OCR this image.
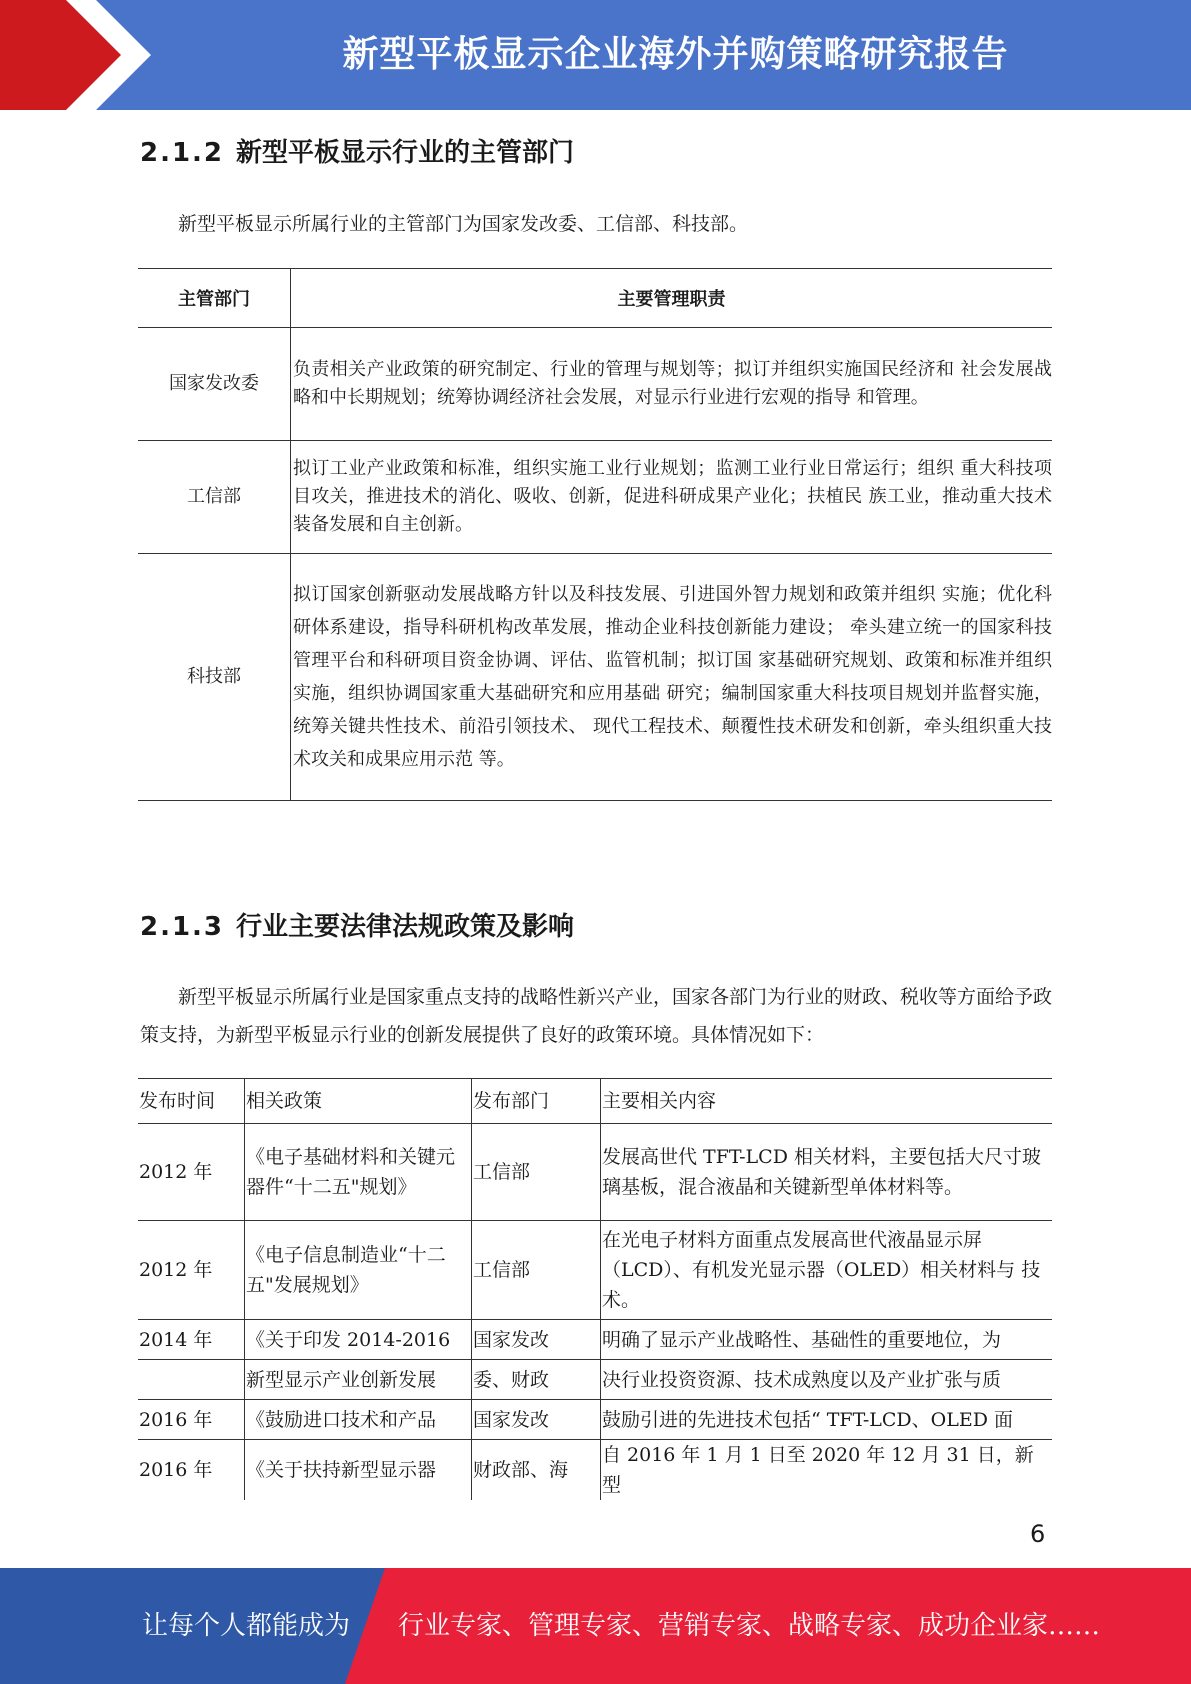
新型平板显示企业海外并购策略研究报告
2.1.2 新型平板显示行业的主管部门
新型平板显示所属行业的主管部门为国家发改委、工信部、科技部。
主管部门	主要管理职责
国家发改委	负责相关产业政策的研究制定、行业的管理与规划等；拟订并组织实施国民经济和 社会发展战略和中长期规划；统筹协调经济社会发展，对显示行业进行宏观的指导 和管理。
工信部	拟订工业产业政策和标准，组织实施工业行业规划；监测工业行业日常运行；组织 重大科技项目攻关，推进技术的消化、吸收、创新，促进科研成果产业化；扶植民 族工业，推动重大技术装备发展和自主创新。
科技部	拟订国家创新驱动发展战略方针以及科技发展、引进国外智力规划和政策并组织 实施；优化科研体系建设，指导科研机构改革发展，推动企业科技创新能力建设； 牵头建立统一的国家科技管理平台和科研项目资金协调、评估、监管机制；拟订国 家基础研究规划、政策和标准并组织实施，组织协调国家重大基础研究和应用基础 研究；编制国家重大科技项目规划并监督实施，统筹关键共性技术、前沿引领技术、 现代工程技术、颠覆性技术研发和创新，牵头组织重大技术攻关和成果应用示范 等。
2.1.3 行业主要法律法规政策及影响
新型平板显示所属行业是国家重点支持的战略性新兴产业，国家各部门为行业的财政、税收等方面给予政策支持，为新型平板显示行业的创新发展提供了良好的政策环境。具体情况如下：
发布时间	相关政策	发布部门	主要相关内容
2012 年	《电子基础材料和关键元器件“十二五"规划》	工信部	发展高世代 TFT-LCD 相关材料，主要包括大尺寸玻璃基板，混合液晶和关键新型单体材料等。
2012 年	《电子信息制造业“十二五"发展规划》	工信部	在光电子材料方面重点发展高世代液晶显示屏（LCD）、有机发光显示器（OLED）相关材料与 技术。
2014 年	《关于印发 2014-2016	国家发改	明确了显示产业战略性、基础性的重要地位，为
	新型显示产业创新发展	委、财政	决行业投资资源、技术成熟度以及产业扩张与质
2016 年	《鼓励进口技术和产品	国家发改	鼓励引进的先进技术包括“ TFT-LCD、OLED 面
2016 年	《关于扶持新型显示器	财政部、海	自 2016 年 1 月 1 日至 2020 年 12 月 31 日，新型
6
让每个人都能成为 行业专家、管理专家、营销专家、战略专家、成功企业家……
